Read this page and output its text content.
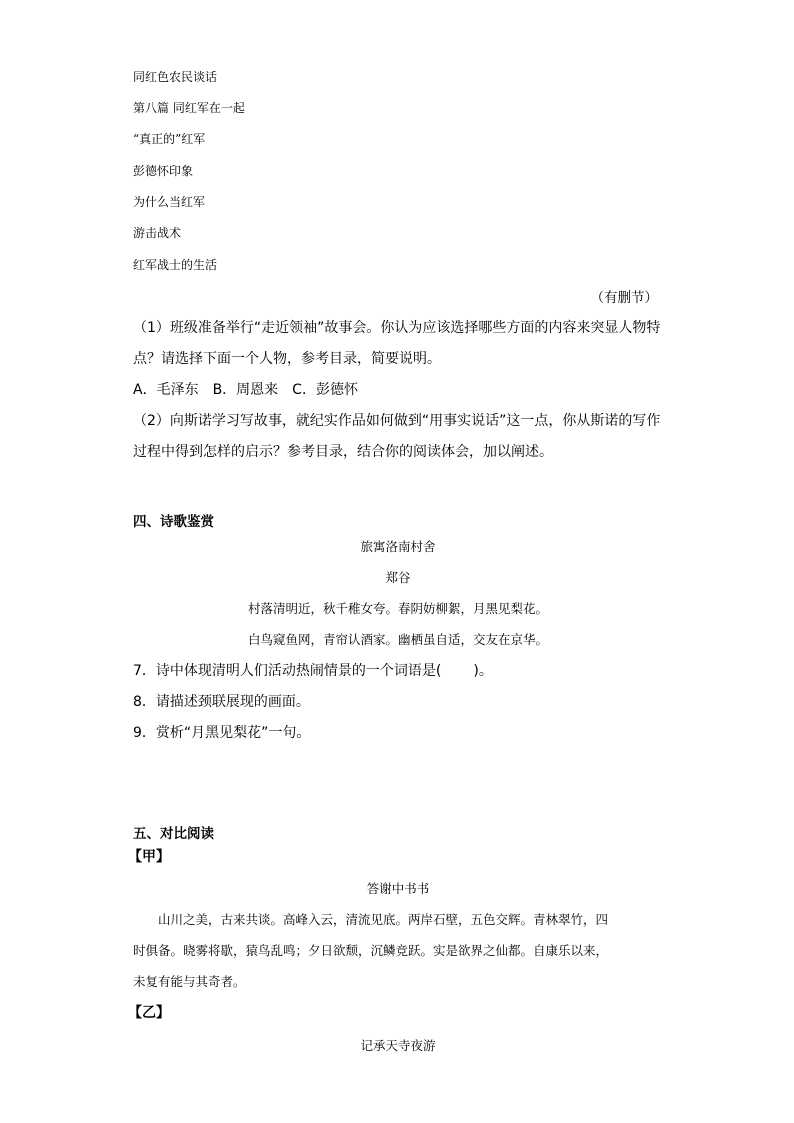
同红色农民谈话
第八篇 同红军在一起
“真正的”红军
彭德怀印象
为什么当红军
游击战术
红军战士的生活
（有删节）
（1）班级准备举行“走近领袖”故事会。你认为应该选择哪些方面的内容来突显人物特
点？请选择下面一个人物，参考目录，简要说明。
A．毛泽东　B．周恩来　C．彭德怀
（2）向斯诺学习写故事，就纪实作品如何做到“用事实说话”这一点，你从斯诺的写作
过程中得到怎样的启示？参考目录，结合你的阅读体会，加以阐述。
四、诗歌鉴赏
旅寓洛南村舍
郑谷
村落清明近，秋千稚女夸。春阴妨柳絮，月黑见梨花。
白鸟窥鱼网，青帘认酒家。幽栖虽自适，交友在京华。
7．诗中体现清明人们活动热闹情景的一个词语是( )。
8．请描述颈联展现的画面。
9．赏析“月黑见梨花”一句。
五、对比阅读
【甲】
答谢中书书
　　山川之美，古来共谈。高峰入云，清流见底。两岸石壁，五色交辉。青林翠竹，四
时俱备。晓雾将歇，猿鸟乱鸣；夕日欲颓，沉鳞竞跃。实是欲界之仙都。自康乐以来，
未复有能与其奇者。
【乙】
记承天寺夜游
